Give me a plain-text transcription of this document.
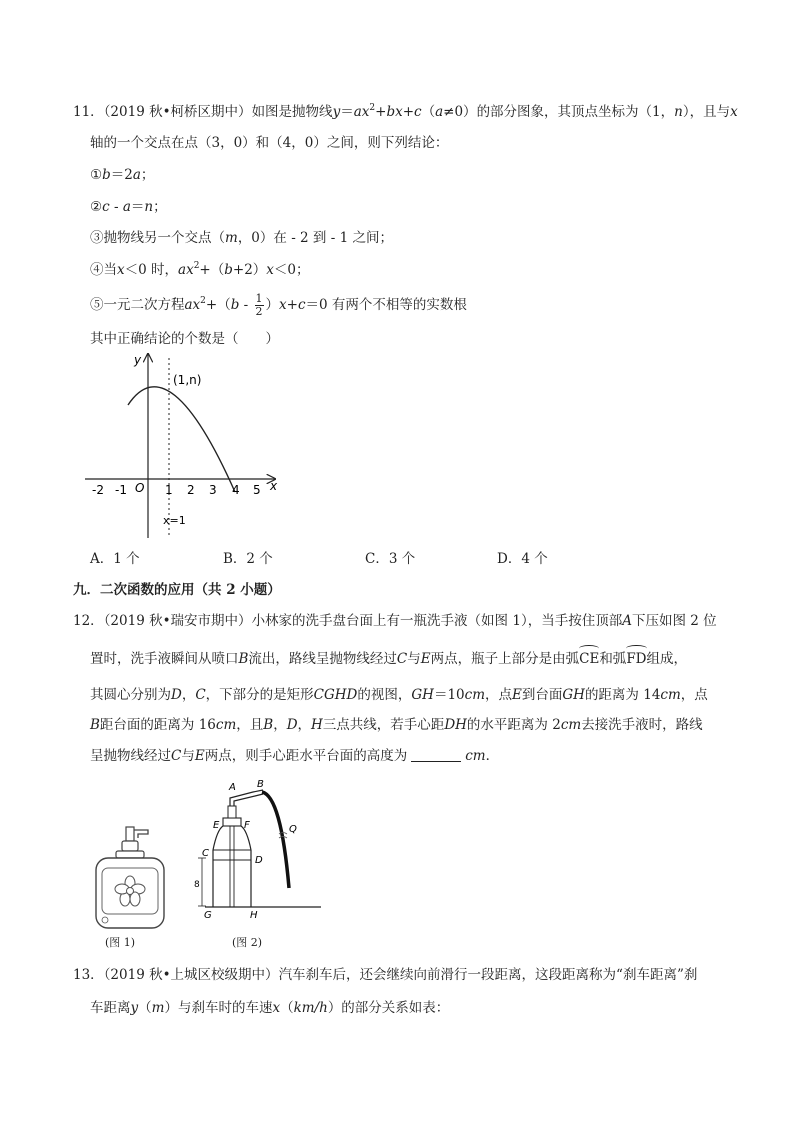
11．（2019 秋•柯桥区期中）如图是抛物线$y=ax^2+bx+c(a\ne 0)$的部分图象，其顶点坐标为（1，n），且与x
轴的一个交点在点（3，0）和（4，0）之间，则下列结论：
①b＝2a；
②c - a＝n；
③抛物线另一个交点（m，0）在 - 2 到 - 1 之间；
④当x＜0 时，$ax^2+(b+2)x<0$；
⑤一元二次方程$ax^2+(b - \frac{1}{2} )x+c=0$ 有两个不相等的实数根
其中正确结论的个数是（　　）
y
x
(1,n)
O
-2 -1	1 2 3 4 5
x=1
A．1 个	B．2 个	C．3 个	D．4 个
九．二次函数的应用（共 2 小题）
12．（2019 秋•瑞安市期中）小林家的洗手盘台面上有一瓶洗手液（如图 1），当手按住顶部A下压如图 2 位
置时，洗手液瞬间从喷口B流出，路线呈抛物线经过C与E两点，瓶子上部分是由弧CE和弧FD组成，
其圆心分别为D，C，下部分的是矩形CGHD的视图，GH＝10cm，点E到台面GH的距离为 14cm，点
B距台面的距离为 16cm，且B，D，H三点共线，若手心距DH的水平距离为 2cm去接洗手液时，路线
呈抛物线经过C与E两点，则手心距水平台面的高度为	cm．
(图 1)
A B
E F
C
D
G	H
Q
8
(图 2)
13．（2019 秋•上城区校级期中）汽车刹车后，还会继续向前滑行一段距离，这段距离称为“刹车距离”刹
车距离y（m）与刹车时的车速x（km/h）的部分关系如表：
